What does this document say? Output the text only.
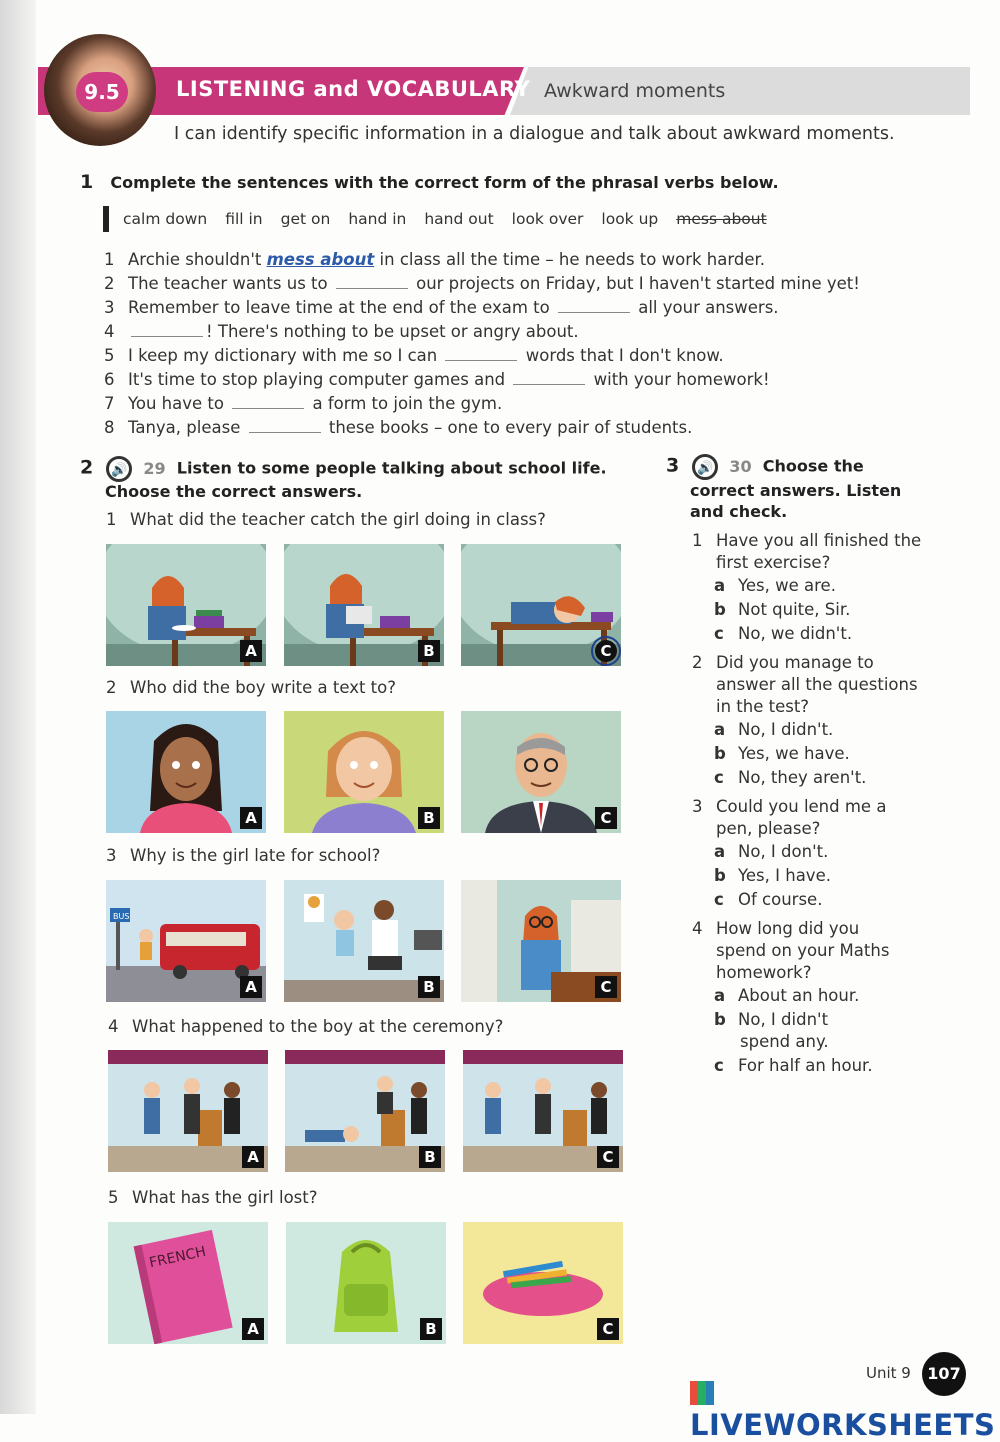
9.5	LISTENING and VOCABULARY Awkward moments
I can identify specific information in a dialogue and talk about awkward moments.
1 Complete the sentences with the correct form of the phrasal verbs below.
calm down fill in get on hand in hand out look over look up mess about
1 Archie shouldn't mess about in class all the time – he needs to work harder.
2 The teacher wants us to	our projects on Friday, but I haven't started mine yet!
3 Remember to leave time at the end of the exam to	all your answers.
4	! There's nothing to be upset or angry about.
5 I keep my dictionary with me so I can	words that I don't know.
6 It's time to stop playing computer games and	with your homework!
7 You have to	a form to join the gym.
8 Tanya, please	these books – one to every pair of students.
2 🔊 29 Listen to some people talking about school life.
Choose the correct answers.
1 What did the teacher catch the girl doing in class?
2 Who did the boy write a text to?
3 Why is the girl late for school?
4 What happened to the boy at the ceremony?
5 What has the girl lost?
A	B	C
A	B	C
BUS
A	B	C
A	B	C
FRENCH
A	B	C
3 🔊 30 Choose the
correct answers. Listen
and check.
1 Have you all finished the
first exercise?
a Yes, we are.
b Not quite, Sir.
c No, we didn't.
2 Did you manage to
answer all the questions
in the test?
a No, I didn't.
b Yes, we have.
c No, they aren't.
3 Could you lend me a
pen, please?
a No, I don't.
b Yes, I have.
c Of course.
4 How long did you
spend on your Maths
homework?
a About an hour.
b No, I didn't
spend any.
c For half an hour.
Unit 9	107
LIVEWORKSHEETS
